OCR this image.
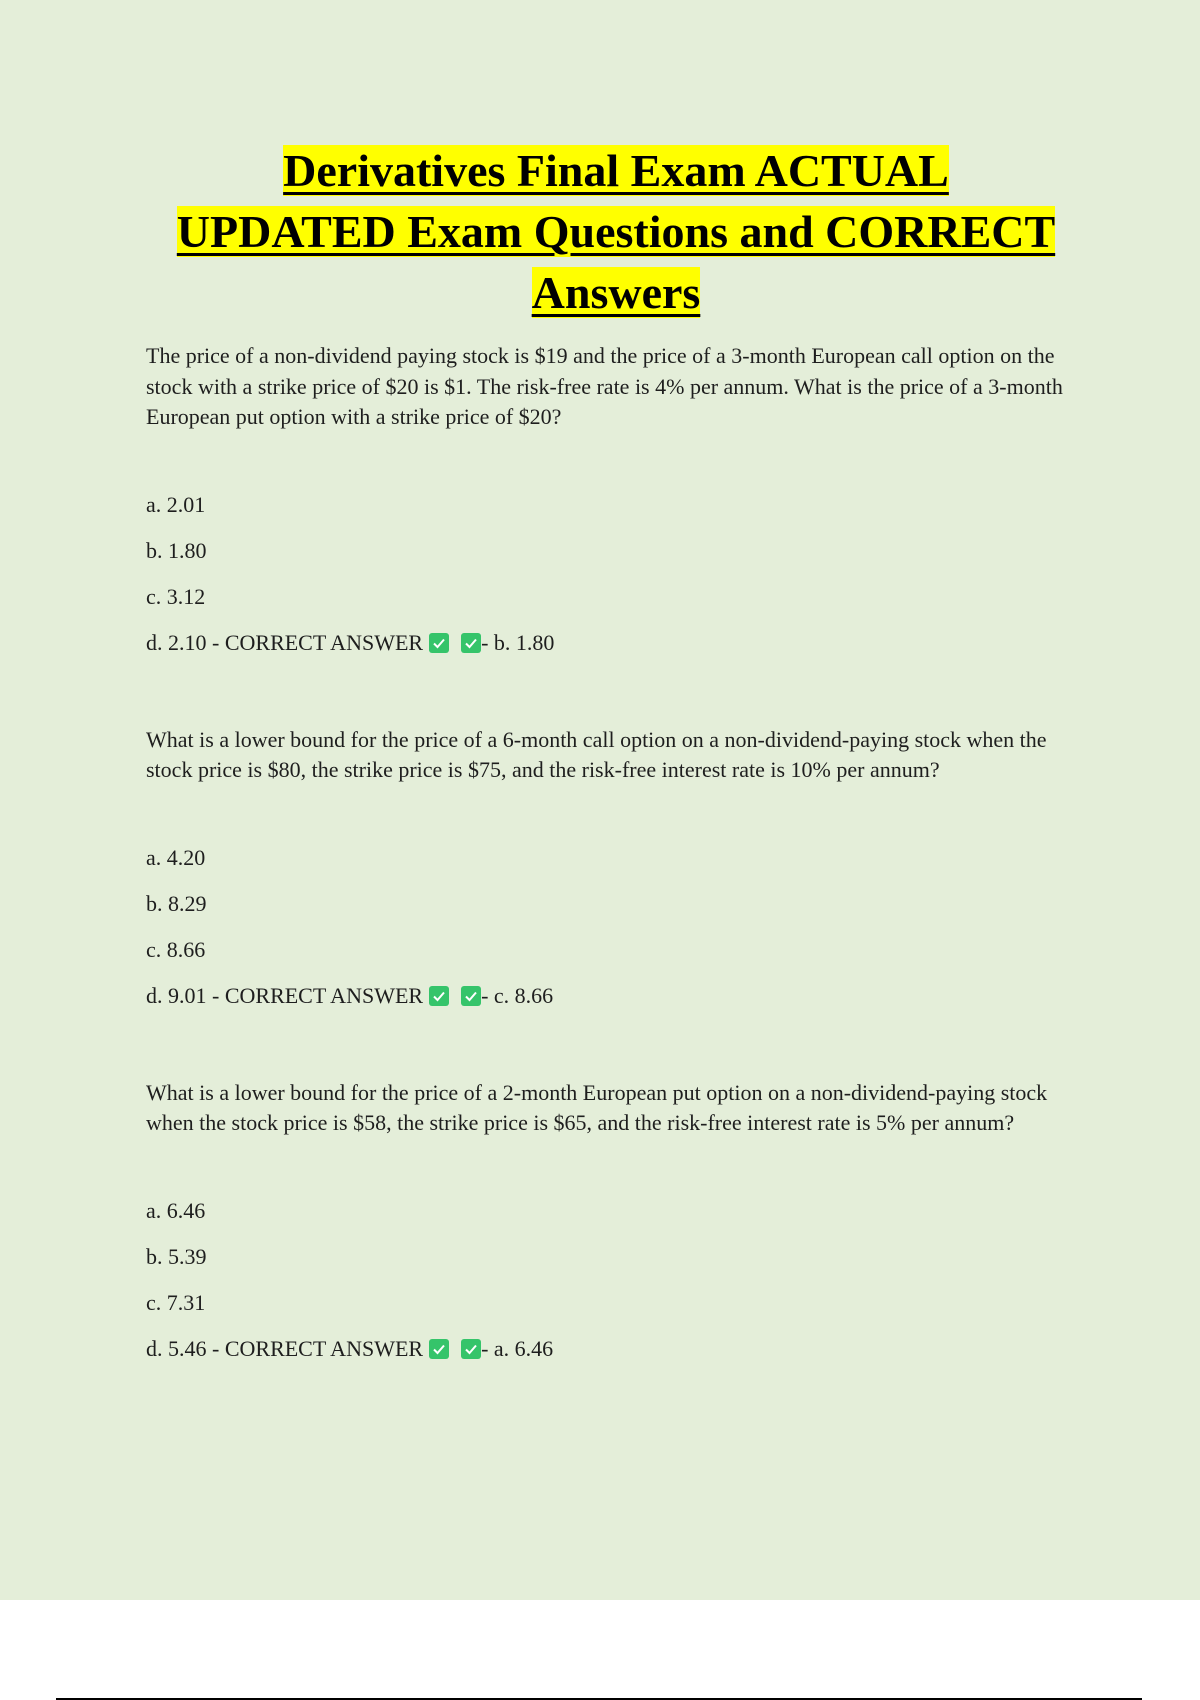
Derivatives Final Exam ACTUAL
UPDATED Exam Questions and CORRECT
Answers

The price of a non-dividend paying stock is $19 and the price of a 3-month European call option on the stock with a strike price of $20 is $1. The risk-free rate is 4% per annum. What is the price of a 3-month European put option with a strike price of $20?

a. 2.01

b. 1.80

c. 3.12

d. 2.10 - CORRECT ANSWER	- b. 1.80

What is a lower bound for the price of a 6-month call option on a non-dividend-paying stock when the stock price is $80, the strike price is $75, and the risk-free interest rate is 10% per annum?

a. 4.20

b. 8.29

c. 8.66

d. 9.01 - CORRECT ANSWER	- c. 8.66

What is a lower bound for the price of a 2-month European put option on a non-dividend-paying stock when the stock price is $58, the strike price is $65, and the risk-free interest rate is 5% per annum?

a. 6.46

b. 5.39

c. 7.31

d. 5.46 - CORRECT ANSWER	- a. 6.46
